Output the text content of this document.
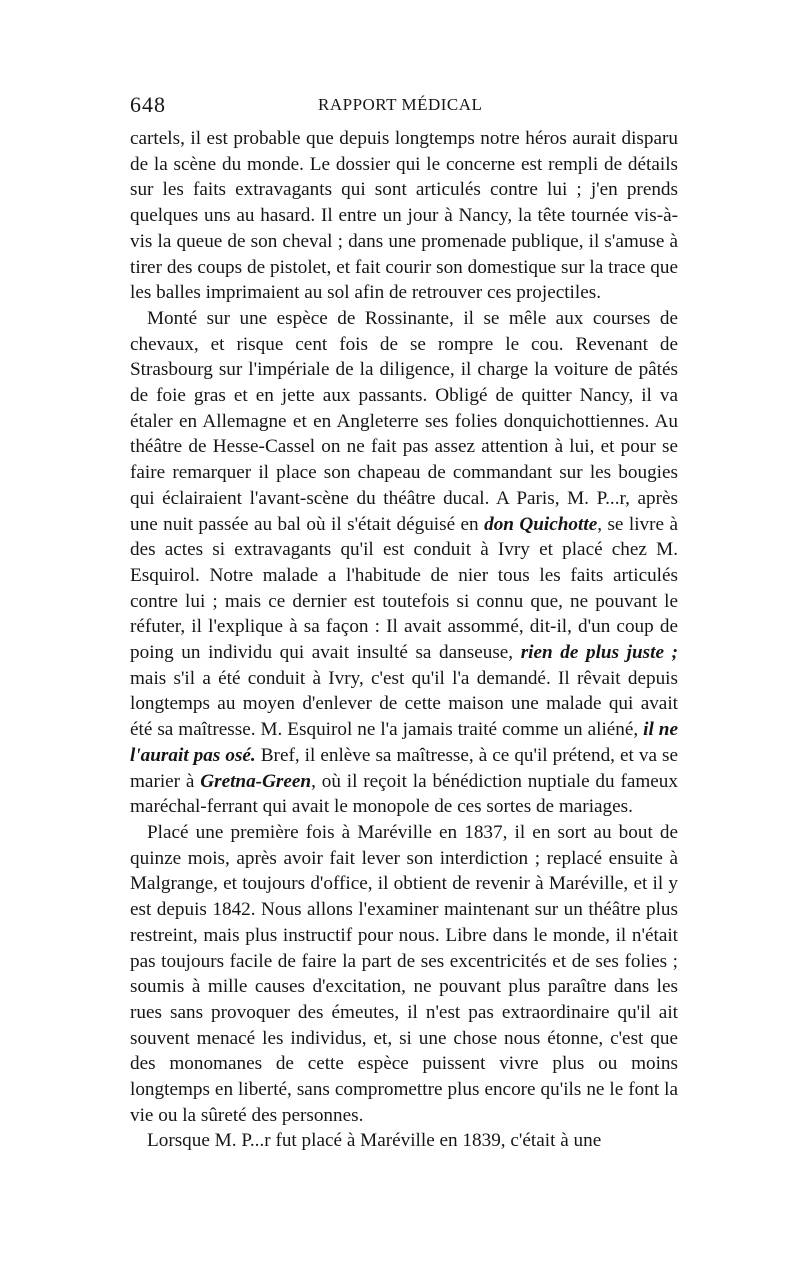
648	RAPPORT MÉDICAL

cartels, il est probable que depuis longtemps notre héros aurait disparu de la scène du monde. Le dossier qui le concerne est rempli de détails sur les faits extravagants qui sont articulés contre lui ; j'en prends quelques uns au hasard. Il entre un jour à Nancy, la tête tournée vis-à-vis la queue de son cheval ; dans une promenade publique, il s'amuse à tirer des coups de pistolet, et fait courir son domestique sur la trace que les balles imprimaient au sol afin de retrouver ces projectiles.

Monté sur une espèce de Rossinante, il se mêle aux courses de chevaux, et risque cent fois de se rompre le cou. Revenant de Strasbourg sur l'impériale de la diligence, il charge la voiture de pâtés de foie gras et en jette aux passants. Obligé de quitter Nancy, il va étaler en Allemagne et en Angleterre ses folies donquichottiennes. Au théâtre de Hesse-Cassel on ne fait pas assez attention à lui, et pour se faire remarquer il place son chapeau de commandant sur les bougies qui éclairaient l'avant-scène du théâtre ducal. A Paris, M. P...r, après une nuit passée au bal où il s'était déguisé en don Quichotte, se livre à des actes si extravagants qu'il est conduit à Ivry et placé chez M. Esquirol. Notre malade a l'habitude de nier tous les faits articulés contre lui ; mais ce dernier est toutefois si connu que, ne pouvant le réfuter, il l'explique à sa façon : Il avait assommé, dit-il, d'un coup de poing un individu qui avait insulté sa danseuse, rien de plus juste ; mais s'il a été conduit à Ivry, c'est qu'il l'a demandé. Il rêvait depuis longtemps au moyen d'enlever de cette maison une malade qui avait été sa maîtresse. M. Esquirol ne l'a jamais traité comme un aliéné, il ne l'aurait pas osé. Bref, il enlève sa maîtresse, à ce qu'il prétend, et va se marier à Gretna-Green, où il reçoit la bénédiction nuptiale du fameux maréchal-ferrant qui avait le monopole de ces sortes de mariages.

Placé une première fois à Maréville en 1837, il en sort au bout de quinze mois, après avoir fait lever son interdiction ; replacé ensuite à Malgrange, et toujours d'office, il obtient de revenir à Maréville, et il y est depuis 1842. Nous allons l'examiner maintenant sur un théâtre plus restreint, mais plus instructif pour nous. Libre dans le monde, il n'était pas toujours facile de faire la part de ses excentricités et de ses folies ; soumis à mille causes d'excitation, ne pouvant plus paraître dans les rues sans provoquer des émeutes, il n'est pas extraordinaire qu'il ait souvent menacé les individus, et, si une chose nous étonne, c'est que des monomanes de cette espèce puissent vivre plus ou moins longtemps en liberté, sans compromettre plus encore qu'ils ne le font la vie ou la sûreté des personnes.

Lorsque M. P...r fut placé à Maréville en 1839, c'était à une
